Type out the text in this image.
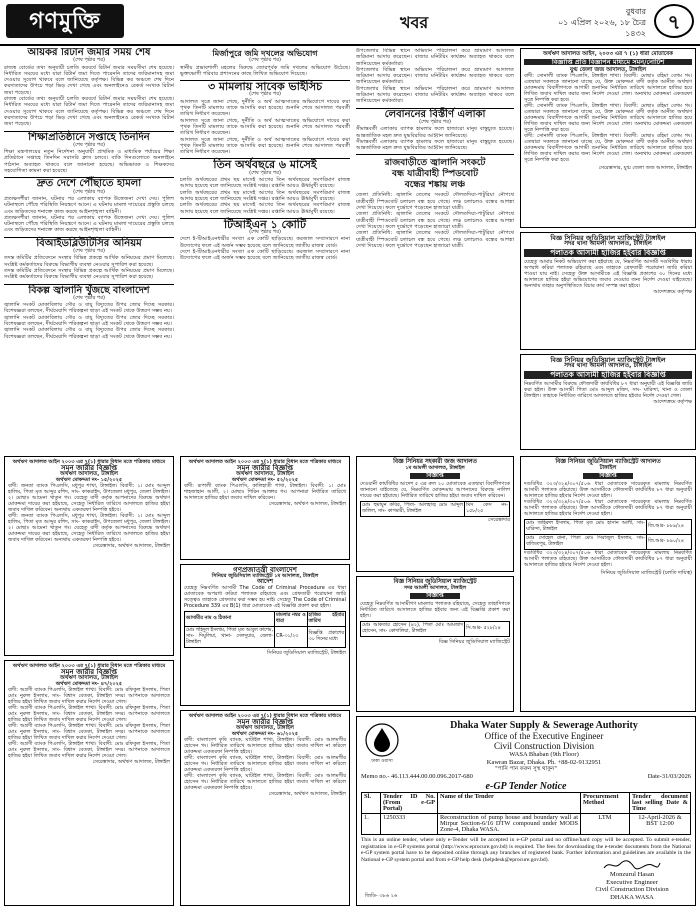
গণমুক্তি	খবর
বুধবার
০১ এপ্রিল ২০২৬, ১৮ চৈত্র ১৪৩২	৭
আয়কর রিটার্ন জমার সময় শেষ
(শেষ পৃষ্ঠার পর)
রাজস্ব বোর্ডের তথ্য অনুযায়ী চলতি করবর্ষে রিটার্ন জমার সময়সীমা শেষ হয়েছে। নির্ধারিত সময়ের মধ্যে যারা রিটার্ন জমা দিতে পারেননি তাদের জরিমানাসহ জমা দেওয়ার সুযোগ থাকবে বলে জানিয়েছে কর্তৃপক্ষ। বিভিন্ন কর অঞ্চলে শেষ দিনে করদাতাদের উপচে পড়া ভিড় দেখা গেছে এবং অনলাইনেও রেকর্ড সংখ্যক রিটার্ন জমা পড়েছে।
রাজস্ব বোর্ডের তথ্য অনুযায়ী চলতি করবর্ষে রিটার্ন জমার সময়সীমা শেষ হয়েছে। নির্ধারিত সময়ের মধ্যে যারা রিটার্ন জমা দিতে পারেননি তাদের জরিমানাসহ জমা দেওয়ার সুযোগ থাকবে বলে জানিয়েছে কর্তৃপক্ষ। বিভিন্ন কর অঞ্চলে শেষ দিনে করদাতাদের উপচে পড়া ভিড় দেখা গেছে এবং অনলাইনেও রেকর্ড সংখ্যক রিটার্ন জমা পড়েছে।
শিক্ষাপ্রতিষ্ঠানে সপ্তাহে তিনদিন
(শেষ পৃষ্ঠার পর)
শিক্ষা মন্ত্রণালয়ের নতুন নির্দেশনা অনুযায়ী প্রাথমিক ও মাধ্যমিক পর্যায়ের শিক্ষা প্রতিষ্ঠানে সপ্তাহে তিনদিন সরাসরি ক্লাস চলবে। বাকি দিনগুলোতে অনলাইনে পাঠদান অব্যাহত থাকবে বলে জানানো হয়েছে। অভিভাবক ও শিক্ষকদের সহযোগিতা কামনা করা হয়েছে।
দ্রুত দেশে পৌঁছাতে হামলা
(শেষ পৃষ্ঠার পর)
প্রত্যক্ষদর্শীরা জানান, ঘটনার পর এলাকায় ব্যাপক উত্তেজনা দেখা দেয়। পুলিশ ঘটনাস্থলে পৌঁছে পরিস্থিতি নিয়ন্ত্রণে আনে। এ ঘটনায় মামলা দায়েরের প্রস্তুতি চলছে এবং জড়িতদের শনাক্তে কাজ করছে আইনশৃঙ্খলা বাহিনী।
প্রত্যক্ষদর্শীরা জানান, ঘটনার পর এলাকায় ব্যাপক উত্তেজনা দেখা দেয়। পুলিশ ঘটনাস্থলে পৌঁছে পরিস্থিতি নিয়ন্ত্রণে আনে। এ ঘটনায় মামলা দায়েরের প্রস্তুতি চলছে এবং জড়িতদের শনাক্তে কাজ করছে আইনশৃঙ্খলা বাহিনী।
বিআইডব্লিউটিসির অনিয়ম
(শেষ পৃষ্ঠার পর)
তদন্ত কমিটির প্রতিবেদনে সংস্থার বিভিন্ন প্রকল্পে আর্থিক অনিয়মের প্রমাণ মিলেছে। সংশ্লিষ্ট কর্মকর্তাদের বিরুদ্ধে বিভাগীয় ব্যবস্থা নেওয়ার সুপারিশ করা হয়েছে।
তদন্ত কমিটির প্রতিবেদনে সংস্থার বিভিন্ন প্রকল্পে আর্থিক অনিয়মের প্রমাণ মিলেছে। সংশ্লিষ্ট কর্মকর্তাদের বিরুদ্ধে বিভাগীয় ব্যবস্থা নেওয়ার সুপারিশ করা হয়েছে।
বিকল্প জ্বালানি খুঁজছে বাংলাদেশ
(শেষ পৃষ্ঠার পর)
জ্বালানি সংকট মোকাবিলায় সৌর ও বায়ু বিদ্যুতের উপর জোর দিচ্ছে সরকার। বিশেষজ্ঞরা বলছেন, দীর্ঘমেয়াদি পরিকল্পনা ছাড়া এই সংকট থেকে উত্তরণ সম্ভব নয়।
জ্বালানি সংকট মোকাবিলায় সৌর ও বায়ু বিদ্যুতের উপর জোর দিচ্ছে সরকার। বিশেষজ্ঞরা বলছেন, দীর্ঘমেয়াদি পরিকল্পনা ছাড়া এই সংকট থেকে উত্তরণ সম্ভব নয়।
জ্বালানি সংকট মোকাবিলায় সৌর ও বায়ু বিদ্যুতের উপর জোর দিচ্ছে সরকার। বিশেষজ্ঞরা বলছেন, দীর্ঘমেয়াদি পরিকল্পনা ছাড়া এই সংকট থেকে উত্তরণ সম্ভব নয়।
মির্জাপুরে জমি দখলের অভিযোগ
(শেষ পৃষ্ঠার পর)
স্থানীয় প্রভাবশালী মহলের বিরুদ্ধে জোরপূর্বক জমি দখলের অভিযোগ উঠেছে। ভুক্তভোগী পরিবার প্রশাসনের কাছে লিখিত অভিযোগ দিয়েছে।
৩ মামলায় সাবেক ভাইসিচ
(শেষ পৃষ্ঠার পর)
আদালত সূত্রে জানা গেছে, দুর্নীতি ও অর্থ আত্মসাতের অভিযোগে দায়ের করা পৃথক তিনটি মামলায় তাকে আসামি করা হয়েছে। শুনানি শেষে আদালত পরবর্তী তারিখ নির্ধারণ করেছেন।
আদালত সূত্রে জানা গেছে, দুর্নীতি ও অর্থ আত্মসাতের অভিযোগে দায়ের করা পৃথক তিনটি মামলায় তাকে আসামি করা হয়েছে। শুনানি শেষে আদালত পরবর্তী তারিখ নির্ধারণ করেছেন।
আদালত সূত্রে জানা গেছে, দুর্নীতি ও অর্থ আত্মসাতের অভিযোগে দায়ের করা পৃথক তিনটি মামলায় তাকে আসামি করা হয়েছে। শুনানি শেষে আদালত পরবর্তী তারিখ নির্ধারণ করেছেন।
তিন অর্থবছরে ৬ মাসেই
(শেষ পৃষ্ঠার পর)
চলতি অর্থবছরের প্রথম ছয় মাসেই আগের তিন অর্থবছরের সমপরিমাণ রাজস্ব আদায় হয়েছে বলে জানিয়েছে সংশ্লিষ্ট দপ্তর। রপ্তানি আয়ও ঊর্ধ্বমুখী রয়েছে।
চলতি অর্থবছরের প্রথম ছয় মাসেই আগের তিন অর্থবছরের সমপরিমাণ রাজস্ব আদায় হয়েছে বলে জানিয়েছে সংশ্লিষ্ট দপ্তর। রপ্তানি আয়ও ঊর্ধ্বমুখী রয়েছে।
চলতি অর্থবছরের প্রথম ছয় মাসেই আগের তিন অর্থবছরের সমপরিমাণ রাজস্ব আদায় হয়েছে বলে জানিয়েছে সংশ্লিষ্ট দপ্তর। রপ্তানি আয়ও ঊর্ধ্বমুখী রয়েছে।
টিআইএন ১ কোটি
(শেষ পৃষ্ঠার পর)
দেশে ই-টিআইএনধারীর সংখ্যা এক কোটি ছাড়িয়েছে। করজাল সম্প্রসারণে নানা উদ্যোগের ফলে এই অর্জন সম্ভব হয়েছে বলে জানিয়েছে জাতীয় রাজস্ব বোর্ড।
দেশে ই-টিআইএনধারীর সংখ্যা এক কোটি ছাড়িয়েছে। করজাল সম্প্রসারণে নানা উদ্যোগের ফলে এই অর্জন সম্ভব হয়েছে বলে জানিয়েছে জাতীয় রাজস্ব বোর্ড।
উপজেলার বিভিন্ন স্থানে অভিযান পরিচালনা করে ভ্রাম্যমাণ আদালত জরিমানা আদায় করেছেন। বাজার মনিটরিং কার্যক্রম অব্যাহত থাকবে বলে জানিয়েছেন কর্মকর্তারা।
উপজেলার বিভিন্ন স্থানে অভিযান পরিচালনা করে ভ্রাম্যমাণ আদালত জরিমানা আদায় করেছেন। বাজার মনিটরিং কার্যক্রম অব্যাহত থাকবে বলে জানিয়েছেন কর্মকর্তারা।
উপজেলার বিভিন্ন স্থানে অভিযান পরিচালনা করে ভ্রাম্যমাণ আদালত জরিমানা আদায় করেছেন। বাজার মনিটরিং কার্যক্রম অব্যাহত থাকবে বলে জানিয়েছেন কর্মকর্তারা।
লেবাননের বিস্তীর্ণ এলাকা
(শেষ পৃষ্ঠার পর)
সীমান্তবর্তী এলাকায় ব্যাপক হামলার ফলে হাজারো মানুষ বাস্তুচ্যুত হয়েছে। আন্তর্জাতিক মহল দ্রুত যুদ্ধবিরতির আহ্বান জানিয়েছে।
সীমান্তবর্তী এলাকায় ব্যাপক হামলার ফলে হাজারো মানুষ বাস্তুচ্যুত হয়েছে। আন্তর্জাতিক মহল দ্রুত যুদ্ধবিরতির আহ্বান জানিয়েছে।
রাজবাড়ীতে জ্বালানি সংকটে
বন্ধ যাত্রীবাহী স্পিডবোট
বন্ধের শঙ্কায় লঞ্চ
জেলা প্রতিনিধি: জ্বালানি তেলের সংকটে দৌলতদিয়া-পাটুরিয়া নৌপথে যাত্রীবাহী স্পিডবোট চলাচল বন্ধ হয়ে গেছে। লঞ্চ চলাচলও বন্ধের আশঙ্কা দেখা দিয়েছে। ফলে দুর্ভোগে পড়েছেন হাজারো যাত্রী।
জেলা প্রতিনিধি: জ্বালানি তেলের সংকটে দৌলতদিয়া-পাটুরিয়া নৌপথে যাত্রীবাহী স্পিডবোট চলাচল বন্ধ হয়ে গেছে। লঞ্চ চলাচলও বন্ধের আশঙ্কা দেখা দিয়েছে। ফলে দুর্ভোগে পড়েছেন হাজারো যাত্রী।
জেলা প্রতিনিধি: জ্বালানি তেলের সংকটে দৌলতদিয়া-পাটুরিয়া নৌপথে যাত্রীবাহী স্পিডবোট চলাচল বন্ধ হয়ে গেছে। লঞ্চ চলাচলও বন্ধের আশঙ্কা দেখা দিয়েছে। ফলে দুর্ভোগে পড়েছেন হাজারো যাত্রী।
অর্থঋণ আদালত আইন, ২০০৩ এর ৭ (১) ধারা মোতাবেক
বিজ্ঞাপ্তি প্রতি বিজ্ঞাপন মাধ্যমে সমন/নোটিশ
যুগ্ম জেলা জজ আদালত, টাঙ্গাইল
বাদী: সোনালী ব্যাংক পিএলসি, টাঙ্গাইল শাখা। বিবাদী: মোছাঃ রহিমা বেগম গং। এতদ্বারা সকলকে জানানো যাচ্ছে যে, উক্ত মোকদ্দমা বাদী কর্তৃক আনীত অর্থঋণ মোকদ্দমায় বিবাদীগণকে আগামী শুনানির নির্ধারিত তারিখে আদালতে হাজির হয়ে লিখিত জবাব দাখিল করার জন্য নির্দেশ দেওয়া গেল। অন্যথায় মোকদ্দমা একতরফা সূত্রে নিষ্পত্তি করা হবে।
বাদী: সোনালী ব্যাংক পিএলসি, টাঙ্গাইল শাখা। বিবাদী: মোছাঃ রহিমা বেগম গং। এতদ্বারা সকলকে জানানো যাচ্ছে যে, উক্ত মোকদ্দমা বাদী কর্তৃক আনীত অর্থঋণ মোকদ্দমায় বিবাদীগণকে আগামী শুনানির নির্ধারিত তারিখে আদালতে হাজির হয়ে লিখিত জবাব দাখিল করার জন্য নির্দেশ দেওয়া গেল। অন্যথায় মোকদ্দমা একতরফা সূত্রে নিষ্পত্তি করা হবে।
বাদী: সোনালী ব্যাংক পিএলসি, টাঙ্গাইল শাখা। বিবাদী: মোছাঃ রহিমা বেগম গং। এতদ্বারা সকলকে জানানো যাচ্ছে যে, উক্ত মোকদ্দমা বাদী কর্তৃক আনীত অর্থঋণ মোকদ্দমায় বিবাদীগণকে আগামী শুনানির নির্ধারিত তারিখে আদালতে হাজির হয়ে লিখিত জবাব দাখিল করার জন্য নির্দেশ দেওয়া গেল। অন্যথায় মোকদ্দমা একতরফা সূত্রে নিষ্পত্তি করা হবে।
সেরেস্তাদার, যুগ্ম জেলা জজ আদালত, টাঙ্গাইল
বিজ্ঞ সিনিয়র জুডিসিয়াল ম্যাজিস্ট্রেট টাঙ্গাইল
সদর থানা আমলী আদালত, টাঙ্গাইল
পলাতক আসামী হাজির হইবার বিজ্ঞপ্তি
যেহেতু আমার নিকট অভিযোগ করা হইয়াছে যে, নিম্নবর্ণিত আসামী দণ্ডবিধির ধারায় অপরাধ করিয়া পলাতক রহিয়াছে এবং তাহাকে গ্রেফতারী পরোয়ানা জারি করিয়া পাওয়া যায় নাই। সেহেতু উক্ত আসামীকে এই বিজ্ঞপ্তি প্রকাশের ৩০ দিনের মধ্যে আদালতে হাজির হইয়া অভিযোগের জবাব দেওয়ার জন্য নির্দেশ দেওয়া যাইতেছে। অন্যথায় তাহার অনুপস্থিতিতে বিচার কার্য সম্পন্ন করা হইবে।
আদেশক্রমে কর্তৃপক্ষ
বিজ্ঞ সিনিয়র জুডিসিয়াল ম্যাজিস্ট্রেট টাঙ্গাইল
সদর থানা আমলী আদালত, টাঙ্গাইল
পলাতক আসামী হাজির হইবার বিজ্ঞপ্তি
নিম্নবর্ণিত আসামীর বিরুদ্ধে ফৌজদারী কার্যবিধির ৮৭ ধারা অনুযায়ী এই বিজ্ঞপ্তি জারি করা হইল। উক্ত আসামী পিতা মোঃ আব্দুল মজিদ, সাং- ঘারিন্দা, থানা ও জেলা টাঙ্গাইল। তাহাকে নির্ধারিত তারিখে আদালতে হাজির হইবার নির্দেশ দেওয়া গেল।
আদেশক্রমে কর্তৃপক্ষ
অর্থঋণ আদালত আইন ২০০৩ এর ৭(১) ধারার বিধান মতে পত্রিকায় মাধ্যমে
সমন জারীর বিজ্ঞপ্তি
অর্থঋণ আদালত, টাঙ্গাইল
অর্থঋণ মোকদ্দমা নং- ১৫/২০২৫
বাদী: জনতা ব্যাংক পিএলসি, মধুপুর শাখা, টাঙ্গাইল। বিবাদী: ১। মোঃ আব্দুল হালিম, পিতা মৃত আব্দুর রশিদ, সাং- কাকরাইদ, উপজেলা মধুপুর, জেলা টাঙ্গাইল। ২। মোছাঃ আমেনা খাতুন গং। যেহেতু বাদী কর্তৃক আপনাদের বিরুদ্ধে অর্থঋণ মোকদ্দমা দায়ের করা হইয়াছে, সেহেতু নির্ধারিত তারিখে আদালতে হাজির হইয়া জবাব দাখিল করিবেন। অন্যথায় একতরফা নিষ্পত্তি হইবে।
বাদী: জনতা ব্যাংক পিএলসি, মধুপুর শাখা, টাঙ্গাইল। বিবাদী: ১। মোঃ আব্দুল হালিম, পিতা মৃত আব্দুর রশিদ, সাং- কাকরাইদ, উপজেলা মধুপুর, জেলা টাঙ্গাইল। ২। মোছাঃ আমেনা খাতুন গং। যেহেতু বাদী কর্তৃক আপনাদের বিরুদ্ধে অর্থঋণ মোকদ্দমা দায়ের করা হইয়াছে, সেহেতু নির্ধারিত তারিখে আদালতে হাজির হইয়া জবাব দাখিল করিবেন। অন্যথায় একতরফা নিষ্পত্তি হইবে।
সেরেস্তাদার, অর্থঋণ আদালত, টাঙ্গাইল
অর্থঋণ আদালত আইন ২০০৩ এর ৭(১) ধারার বিধান মতে পত্রিকার মাধ্যমে
সমন জারীর বিজ্ঞপ্তি
অর্থঋণ আদালত, টাঙ্গাইল
অর্থঋণ মোকদ্দমা নং- ৪৭/২০২৫
বাদী: অগ্রণী ব্যাংক পিএলসি, টাঙ্গাইল শাখা। বিবাদী: মোঃ রফিকুল ইসলাম, পিতা মোঃ নুরুল ইসলাম, সাং- বিশ্বাস বেতকা, টাঙ্গাইল সদর। আপনাকে আদালতে হাজির হইয়া লিখিত জবাব দাখিল করার নির্দেশ দেওয়া গেল।
বাদী: অগ্রণী ব্যাংক পিএলসি, টাঙ্গাইল শাখা। বিবাদী: মোঃ রফিকুল ইসলাম, পিতা মোঃ নুরুল ইসলাম, সাং- বিশ্বাস বেতকা, টাঙ্গাইল সদর। আপনাকে আদালতে হাজির হইয়া লিখিত জবাব দাখিল করার নির্দেশ দেওয়া গেল।
বাদী: অগ্রণী ব্যাংক পিএলসি, টাঙ্গাইল শাখা। বিবাদী: মোঃ রফিকুল ইসলাম, পিতা মোঃ নুরুল ইসলাম, সাং- বিশ্বাস বেতকা, টাঙ্গাইল সদর। আপনাকে আদালতে হাজির হইয়া লিখিত জবাব দাখিল করার নির্দেশ দেওয়া গেল।
বাদী: অগ্রণী ব্যাংক পিএলসি, টাঙ্গাইল শাখা। বিবাদী: মোঃ রফিকুল ইসলাম, পিতা মোঃ নুরুল ইসলাম, সাং- বিশ্বাস বেতকা, টাঙ্গাইল সদর। আপনাকে আদালতে হাজির হইয়া লিখিত জবাব দাখিল করার নির্দেশ দেওয়া গেল।
সেরেস্তাদার, অর্থঋণ আদালত, টাঙ্গাইল
অর্থঋণ আদালত আইন ২০০৩ এর ৭(১) ধারার বিধান মতে পত্রিকার মাধ্যমে
সমন জারীর বিজ্ঞপ্তি
অর্থঋণ আদালত, টাঙ্গাইল
অর্থঋণ মোকদ্দমা নং- ৫২/২০২৫
বাদী: রূপালী ব্যাংক পিএলসি, কালিহাতী শাখা, টাঙ্গাইল। বিবাদী: ১। মোঃ শাহজাহান আলী, ২। মোছাঃ শিরিন আক্তার গং। আপনারা নির্ধারিত তারিখে আদালতে হাজির হইয়া জবাব দাখিল করিবেন।
সেরেস্তাদার, অর্থঋণ আদালত, টাঙ্গাইল
গণপ্রজাতন্ত্রী বাংলাদেশ
সিনিয়র জুডিসিয়াল ম্যাজিস্ট্রেট ১ম আদালত, টাঙ্গাইল
আদেশ
যেহেতু নিম্নবর্ণিত আসামী The Code of Criminal Procedure এর ধারা মোতাবেক অপরাধ করিয়া পলাতক রহিয়াছে এবং গ্রেফতারী পরোয়ানা জারি সত্ত্বেও তাহাকে গ্রেফতার করা সম্ভব হয় নাই। সেহেতু The Code of Criminal Procedure 339 এর B(1) ধারা মোতাবেক এই বিজ্ঞপ্তি প্রকাশ করা হইল।
আসামীর নাম ও ঠিকানা	মামলার নম্বর ও ধারা	হাজির হইবার তারিখ
মোঃ শহিদুল ইসলাম, পিতা মৃত আবুল কাশেম, সাং- দিঘুলিয়া, থানা- দেলদুয়ার, জেলা- টাঙ্গাইল	CR-৩১/২৩	বিজ্ঞপ্তি প্রকাশের ৩০ দিনের মধ্যে
সিনিয়র জুডিসিয়াল ম্যাজিস্ট্রেট, টাঙ্গাইল
অর্থঋণ আদালত আইন ২০০৩ এর ৭(১) ধারার বিধান মতে পত্রিকার মাধ্যমে
সমন জারীর বিজ্ঞপ্তি
অর্থঋণ আদালত, টাঙ্গাইল
অর্থঋণ মোকদ্দমা নং- ৬১/২০২৫
বাদী: বাংলাদেশ কৃষি ব্যাংক, ঘাটাইল শাখা, টাঙ্গাইল। বিবাদী: মোঃ আলমগীর হোসেন গং। নির্ধারিত তারিখে আদালতে হাজির হইয়া জবাব দাখিল না করিলে মোকদ্দমা একতরফা নিষ্পত্তি হইবে।
বাদী: বাংলাদেশ কৃষি ব্যাংক, ঘাটাইল শাখা, টাঙ্গাইল। বিবাদী: মোঃ আলমগীর হোসেন গং। নির্ধারিত তারিখে আদালতে হাজির হইয়া জবাব দাখিল না করিলে মোকদ্দমা একতরফা নিষ্পত্তি হইবে।
বাদী: বাংলাদেশ কৃষি ব্যাংক, ঘাটাইল শাখা, টাঙ্গাইল। বিবাদী: মোঃ আলমগীর হোসেন গং। নির্ধারিত তারিখে আদালতে হাজির হইয়া জবাব দাখিল না করিলে মোকদ্দমা একতরফা নিষ্পত্তি হইবে।
সেরেস্তাদার, অর্থঋণ আদালত, টাঙ্গাইল
বিজ্ঞ সিনিয়র সহকারী জজ আদালত
১ম আমলী আদালত, টাঙ্গাইল
বিজ্ঞপ্তি
দেওয়ানী কার্যবিধির আদেশ ৫ এর রুল ২০ মোতাবেক এতদ্বারা বিবাদীগণকে জানানো যাইতেছে যে, নিম্নবর্ণিত মোকদ্দমায় আপনাদের বিরুদ্ধে নালিশ দায়ের করা হইয়াছে। নির্ধারিত তারিখে হাজির হইয়া জবাব দাখিল করিবেন।
মোঃ হুমায়ূন কবির, পিতা- আলহাজ্ব মোঃ আব্দুল জলিল, সাং- কাগমারী, টাঙ্গাইল	মিস কেস নং- ১৫৮/২৫
সেরেস্তাদার
বিজ্ঞ সিনিয়র জুডিসিয়াল ম্যাজিস্ট্রেট
সদর আমলী আদালত, টাঙ্গাইল
বিজ্ঞপ্তি
যেহেতু নিম্নবর্ণিত আসামীগণ মামলায় পলাতক রহিয়াছে, সেহেতু তাহাদিগকে নির্ধারিত তারিখে আদালতে হাজির হইবার জন্য এই বিজ্ঞপ্তি প্রকাশ করা হইল।
মোঃ আকতার হোসেন (৪২), পিতা মোঃ আমজাদ হোসেন, সাং- কোদালিয়া, টাঙ্গাইল	সি.আর- ৫২৮/২৪
বিজ্ঞ সিনিয়র জুডিসিয়াল ম্যাজিস্ট্রেট
বিজ্ঞ সিনিয়র জুডিসিয়াল ম্যাজিস্ট্রেট আদালত
টাঙ্গাইল
বিজ্ঞপ্তি
দণ্ডবিধির ৩২৩/৩২৪/৩০৭/৫০৬ ধারা মোতাবেক দায়েরকৃত মামলায় নিম্নবর্ণিত আসামী পলাতক রহিয়াছে। উক্ত আসামীকে ফৌজদারী কার্যবিধির ৮৭ ধারা অনুযায়ী আদালতে হাজির হইবার নির্দেশ দেওয়া হইল।
দণ্ডবিধির ৩২৩/৩২৪/৩০৭/৫০৬ ধারা মোতাবেক দায়েরকৃত মামলায় নিম্নবর্ণিত আসামী পলাতক রহিয়াছে। উক্ত আসামীকে ফৌজদারী কার্যবিধির ৮৭ ধারা অনুযায়ী আদালতে হাজির হইবার নির্দেশ দেওয়া হইল।
মোঃ জহিরুল ইসলাম, পিতা মৃত মোঃ হাসান আলী, সাং- ঘারিন্দা, টাঙ্গাইল	জি.আর- ৮৮৯/২৪
মোঃ সোহেল রানা, পিতা মোঃ সিরাজুল ইসলাম, সাং- বাজিতপুর, টাঙ্গাইল	জি.আর- ৮৯০/২৪
দণ্ডবিধির ৩২৩/৩২৪/৩০৭/৫০৬ ধারা মোতাবেক দায়েরকৃত মামলায় নিম্নবর্ণিত আসামী পলাতক রহিয়াছে। উক্ত আসামীকে ফৌজদারী কার্যবিধির ৮৭ ধারা অনুযায়ী আদালতে হাজির হইবার নির্দেশ দেওয়া হইল।
সিনিয়র জুডিসিয়াল ম্যাজিস্ট্রেট (চলতি দায়িত্ব)
ঢাকা ওয়াসা
Dhaka Water Supply & Sewerage Authority
Office of the Executive Engineer
Civil Construction Division
WASA Bhaban (9th Floor)
Kawran Bazar, Dhaka. Ph. +88-02-9132951
"পানি পান করুন সুস্থ থাকুন"
Memo no.- 46.113.444.00.00.096.2017-680	Date-31/03/2026
e-GP Tender Notice
Sl.	Tender ID No. (From e-GP Portal)	Name of the Tender	Procurement Method	Tender document last selling Date & Time
1.	1250333	Reconstruction of pump house and boundary wall at Mirpur Section-6/16 DTW compound under MODS Zone-4, Dhaka WASA.	LTM	12-April-2026 & BST 12:00
This is an online tender, where only e-Tender will be accepted in e-GP portal and no offline/hard copy will be accepted. To submit e-tender, registration in e-GP systems portal (http://www.eprocure.gov.bd) is required. The fees for downloading the e-tender documents from the National e-GP system portal have to be deposited online through any branches of registered bank. Further information and guidelines are available in the National e-GP system portal and from e-GP help desk (helpdesk@eprocure.gov.bd).
Monzurul Hasan
Executive Engineer
Civil Construction Division
DHAKA WASA
জিডি- ৩৮৬ ২৬
